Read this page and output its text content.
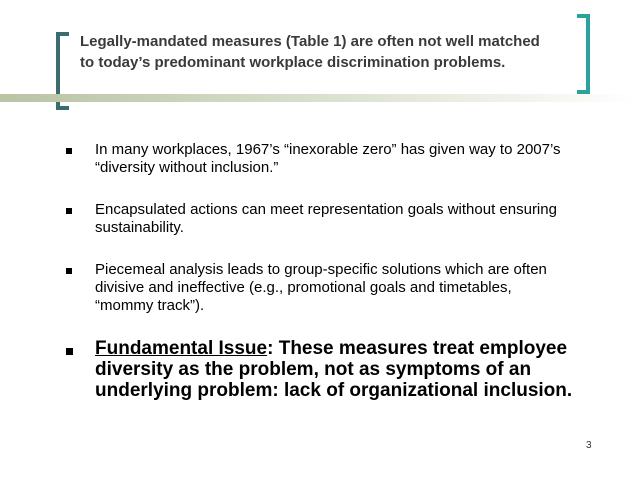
Legally-mandated measures (Table 1) are often not well matched to today’s predominant workplace discrimination problems.
In many workplaces, 1967’s “inexorable zero” has given way to 2007’s “diversity without inclusion.”
Encapsulated actions can meet representation goals without ensuring sustainability.
Piecemeal analysis leads to group-specific solutions which are often divisive and ineffective (e.g., promotional goals and timetables, “mommy track”).
Fundamental Issue: These measures treat employee diversity as the problem, not as symptoms of an underlying problem: lack of organizational inclusion.
3
